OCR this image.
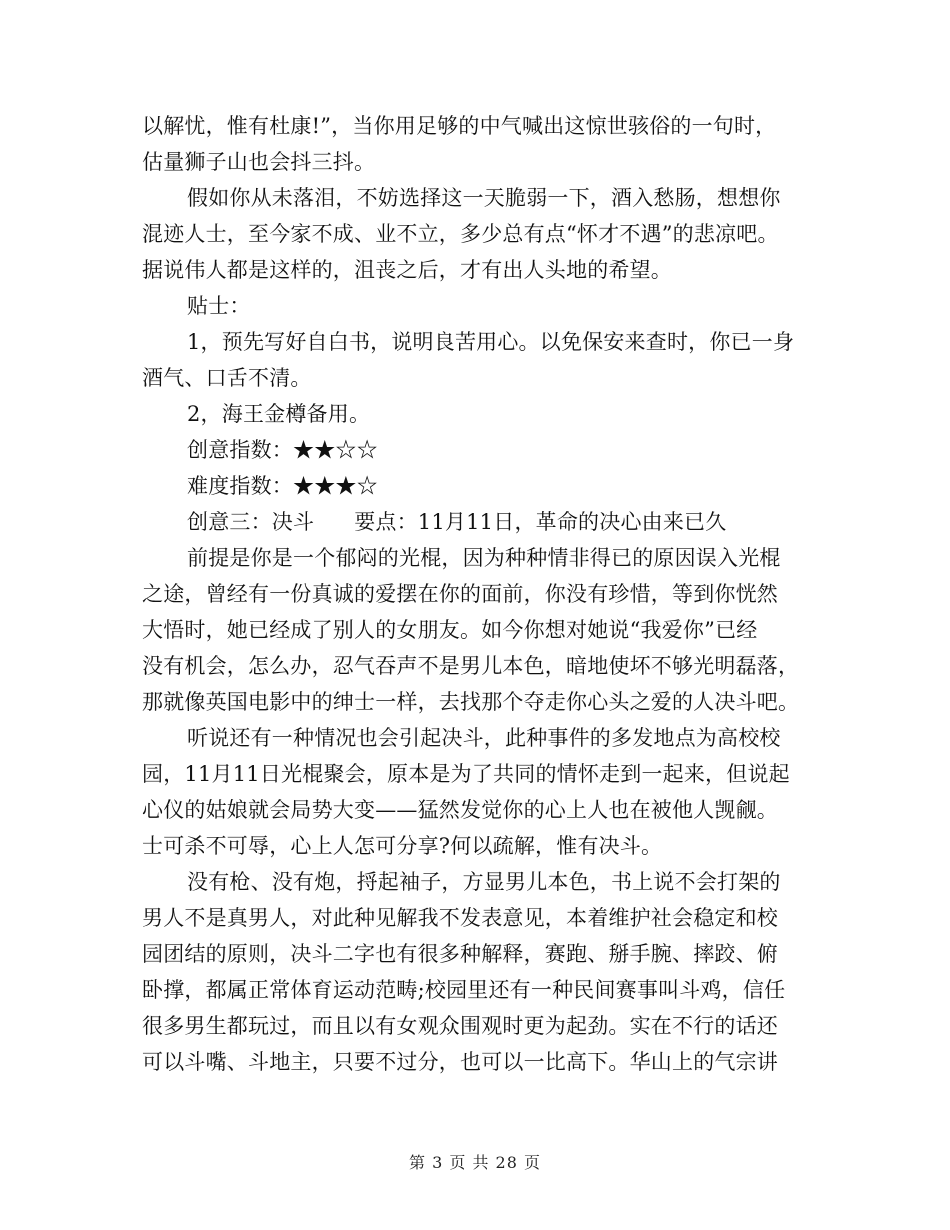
以解忧，惟有杜康!”，当你用足够的中气喊出这惊世骇俗的一句时，
估量狮子山也会抖三抖。
假如你从未落泪，不妨选择这一天脆弱一下，酒入愁肠，想想你
混迹人士，至今家不成、业不立，多少总有点“怀才不遇”的悲凉吧。
据说伟人都是这样的，沮丧之后，才有出人头地的希望。
贴士：
1，预先写好自白书，说明良苦用心。以免保安来查时，你已一身
酒气、口舌不清。
2，海王金樽备用。
创意指数：★★☆☆
难度指数：★★★☆
创意三：决斗 要点：11月11日，革命的决心由来已久
前提是你是一个郁闷的光棍，因为种种情非得已的原因误入光棍
之途，曾经有一份真诚的爱摆在你的面前，你没有珍惜，等到你恍然
大悟时，她已经成了别人的女朋友。如今你想对她说“我爱你”已经
没有机会，怎么办，忍气吞声不是男儿本色，暗地使坏不够光明磊落，
那就像英国电影中的绅士一样，去找那个夺走你心头之爱的人决斗吧。
听说还有一种情况也会引起决斗，此种事件的多发地点为高校校
园，11月11日光棍聚会，原本是为了共同的情怀走到一起来，但说起
心仪的姑娘就会局势大变——猛然发觉你的心上人也在被他人觊觎。
士可杀不可辱，心上人怎可分享?何以疏解，惟有决斗。
没有枪、没有炮，捋起袖子，方显男儿本色，书上说不会打架的
男人不是真男人，对此种见解我不发表意见，本着维护社会稳定和校
园团结的原则，决斗二字也有很多种解释，赛跑、掰手腕、摔跤、俯
卧撑，都属正常体育运动范畴;校园里还有一种民间赛事叫斗鸡，信任
很多男生都玩过，而且以有女观众围观时更为起劲。实在不行的话还
可以斗嘴、斗地主，只要不过分，也可以一比高下。华山上的气宗讲
第 3 页 共 28 页
